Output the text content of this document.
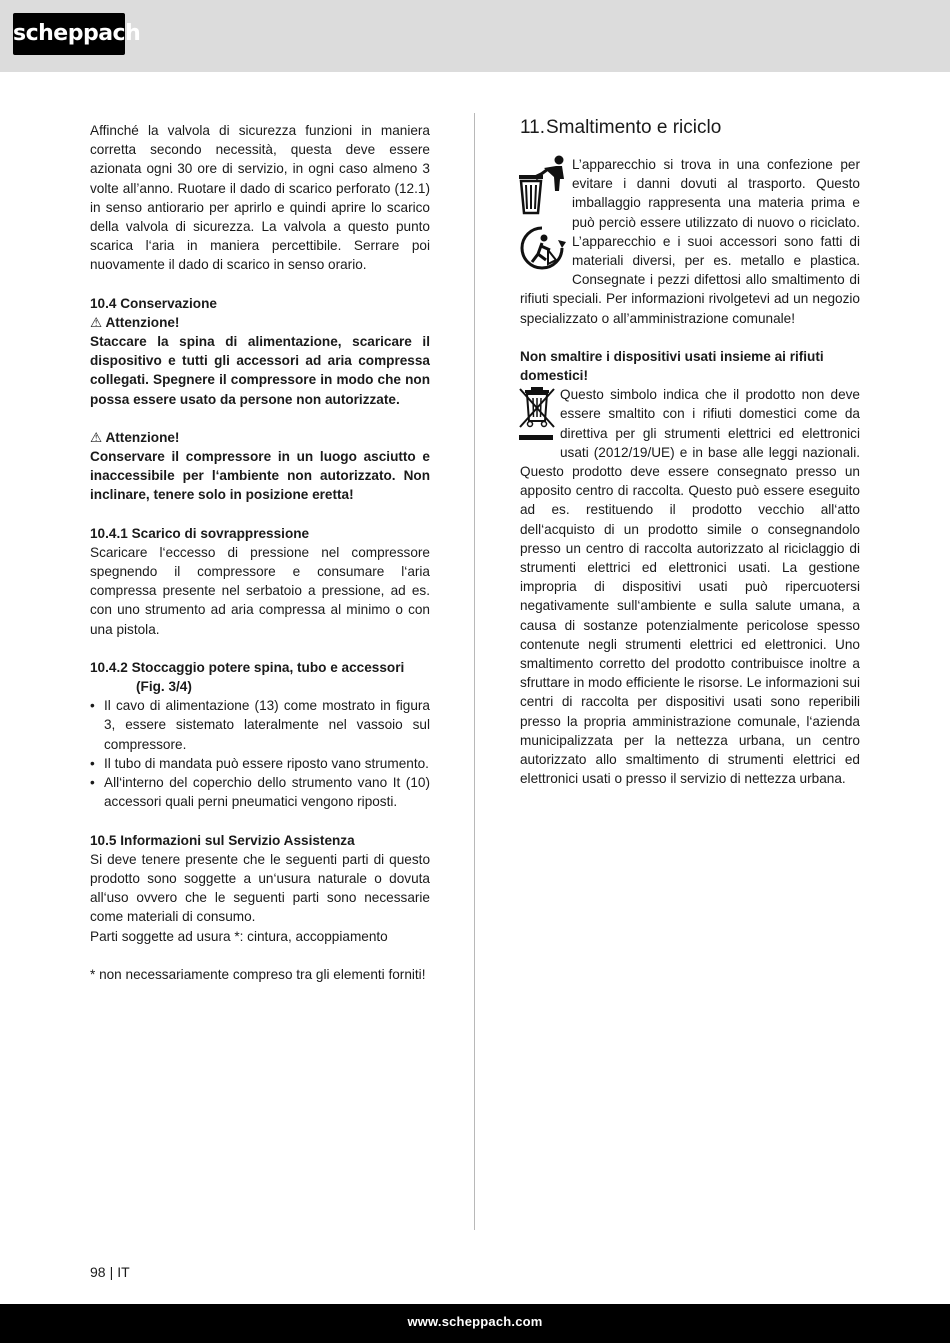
scheppach

Affinché la valvola di sicurezza funzioni in maniera corretta secondo necessità, questa deve essere azionata ogni 30 ore di servizio, in ogni caso almeno 3 volte all’anno. Ruotare il dado di scarico perforato (12.1) in senso antiorario per aprirlo e quindi aprire lo scarico della valvola di sicurezza. La valvola a questo punto scarica l‘aria in maniera percettibile. Serrare poi nuovamente il dado di scarico in senso orario.

10.4 Conservazione

⚠ Attenzione!

Staccare la spina di alimentazione, scaricare il dispositivo e tutti gli accessori ad aria compressa collegati. Spegnere il compressore in modo che non possa essere usato da persone non autorizzate.

⚠ Attenzione!

Conservare il compressore in un luogo asciutto e inaccessibile per l‘ambiente non autorizzato. Non inclinare, tenere solo in posizione eretta!

10.4.1 Scarico di sovrappressione

Scaricare l‘eccesso di pressione nel compressore spegnendo il compressore e consumare l‘aria compressa presente nel serbatoio a pressione, ad es. con uno strumento ad aria compressa al minimo o con una pistola.

10.4.2 Stoccaggio potere spina, tubo e accessori

(Fig. 3/4)

• Il cavo di alimentazione (13) come mostrato in figura 3, essere sistemato lateralmente nel vassoio sul compressore.
• Il tubo di mandata può essere riposto vano strumento.
• All‘interno del coperchio dello strumento vano It (10) accessori quali perni pneumatici vengono riposti.

10.5 Informazioni sul Servizio Assistenza

Si deve tenere presente che le seguenti parti di questo prodotto sono soggette a un‘usura naturale o dovuta all‘uso ovvero che le seguenti parti sono necessarie come materiali di consumo.

Parti soggette ad usura *: cintura, accoppiamento

* non necessariamente compreso tra gli elementi forniti!

11.Smaltimento e riciclo

L’apparecchio si trova in una confezione per evitare i danni dovuti al trasporto. Questo imballaggio rappresenta una materia prima e può perciò essere utilizzato di nuovo o riciclato. L’apparecchio e i suoi accessori sono fatti di materiali diversi, per es. metallo e plastica. Consegnate i pezzi difettosi allo smaltimento di rifiuti speciali. Per informazioni rivolgetevi ad un negozio specializzato o all’amministrazione comunale!

Non smaltire i dispositivi usati insieme ai rifiuti domestici!

Questo simbolo indica che il prodotto non deve essere smaltito con i rifiuti domestici come da direttiva per gli strumenti elettrici ed elettronici usati (2012/19/UE) e in base alle leggi nazionali. Questo prodotto deve essere consegnato presso un apposito centro di raccolta. Questo può essere eseguito ad es. restituendo il prodotto vecchio all‘atto dell‘acquisto di un prodotto simile o consegnandolo presso un centro di raccolta autorizzato al riciclaggio di strumenti elettrici ed elettronici usati. La gestione impropria di dispositivi usati può ripercuotersi negativamente sull‘ambiente e sulla salute umana, a causa di sostanze potenzialmente pericolose spesso contenute negli strumenti elettrici ed elettronici. Uno smaltimento corretto del prodotto contribuisce inoltre a sfruttare in modo efficiente le risorse. Le informazioni sui centri di raccolta per dispositivi usati sono reperibili presso la propria amministrazione comunale, l‘azienda municipalizzata per la nettezza urbana, un centro autorizzato allo smaltimento di strumenti elettrici ed elettronici usati o presso il servizio di nettezza urbana.

98 | IT
www.scheppach.com
